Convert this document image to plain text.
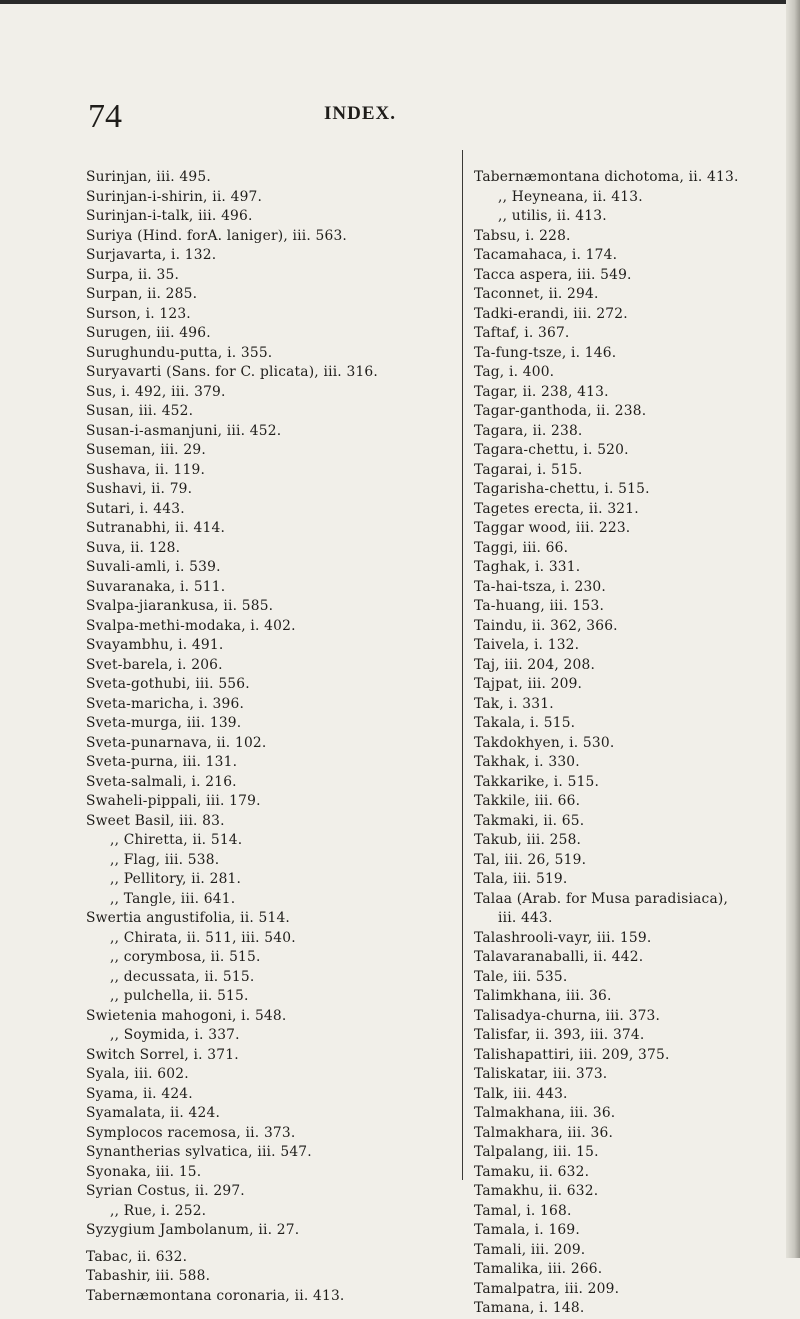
74	INDEX.
Surinjan, iii. 495.
Surinjan-i-shirin, ii. 497.
Surinjan-i-talk, iii. 496.
Suriya (Hind. forA. laniger), iii. 563.
Surjavarta, i. 132.
Surpa, ii. 35.
Surpan, ii. 285.
Surson, i. 123.
Surugen, iii. 496.
Surughundu-putta, i. 355.
Suryavarti (Sans. for C. plicata), iii. 316.
Sus, i. 492, iii. 379.
Susan, iii. 452.
Susan-i-asmanjuni, iii. 452.
Suseman, iii. 29.
Sushava, ii. 119.
Sushavi, ii. 79.
Sutari, i. 443.
Sutranabhi, ii. 414.
Suva, ii. 128.
Suvali-amli, i. 539.
Suvaranaka, i. 511.
Svalpa-jiarankusa, ii. 585.
Svalpa-methi-modaka, i. 402.
Svayambhu, i. 491.
Svet-barela, i. 206.
Sveta-gothubi, iii. 556.
Sveta-maricha, i. 396.
Sveta-murga, iii. 139.
Sveta-punarnava, ii. 102.
Sveta-purna, iii. 131.
Sveta-salmali, i. 216.
Swaheli-pippali, iii. 179.
Sweet Basil, iii. 83.
,, Chiretta, ii. 514.
,, Flag, iii. 538.
,, Pellitory, ii. 281.
,, Tangle, iii. 641.
Swertia angustifolia, ii. 514.
,, Chirata, ii. 511, iii. 540.
,, corymbosa, ii. 515.
,, decussata, ii. 515.
,, pulchella, ii. 515.
Swietenia mahogoni, i. 548.
,, Soymida, i. 337.
Switch Sorrel, i. 371.
Syala, iii. 602.
Syama, ii. 424.
Syamalata, ii. 424.
Symplocos racemosa, ii. 373.
Synantherias sylvatica, iii. 547.
Syonaka, iii. 15.
Syrian Costus, ii. 297.
,, Rue, i. 252.
Syzygium Jambolanum, ii. 27.
Tabac, ii. 632.
Tabashir, iii. 588.
Tabernæmontana coronaria, ii. 413.
Tabernæmontana dichotoma, ii. 413.
,, Heyneana, ii. 413.
,, utilis, ii. 413.
Tabsu, i. 228.
Tacamahaca, i. 174.
Tacca aspera, iii. 549.
Taconnet, ii. 294.
Tadki-erandi, iii. 272.
Taftaf, i. 367.
Ta-fung-tsze, i. 146.
Tag, i. 400.
Tagar, ii. 238, 413.
Tagar-ganthoda, ii. 238.
Tagara, ii. 238.
Tagara-chettu, i. 520.
Tagarai, i. 515.
Tagarisha-chettu, i. 515.
Tagetes erecta, ii. 321.
Taggar wood, iii. 223.
Taggi, iii. 66.
Taghak, i. 331.
Ta-hai-tsza, i. 230.
Ta-huang, iii. 153.
Taindu, ii. 362, 366.
Taivela, i. 132.
Taj, iii. 204, 208.
Tajpat, iii. 209.
Tak, i. 331.
Takala, i. 515.
Takdokhyen, i. 530.
Takhak, i. 330.
Takkarike, i. 515.
Takkile, iii. 66.
Takmaki, ii. 65.
Takub, iii. 258.
Tal, iii. 26, 519.
Tala, iii. 519.
Talaa (Arab. for Musa paradisiaca),
iii. 443.
Talashrooli-vayr, iii. 159.
Talavaranaballi, ii. 442.
Tale, iii. 535.
Talimkhana, iii. 36.
Talisadya-churna, iii. 373.
Talisfar, ii. 393, iii. 374.
Talishapattiri, iii. 209, 375.
Taliskatar, iii. 373.
Talk, iii. 443.
Talmakhana, iii. 36.
Talmakhara, iii. 36.
Talpalang, iii. 15.
Tamaku, ii. 632.
Tamakhu, ii. 632.
Tamal, i. 168.
Tamala, i. 169.
Tamali, iii. 209.
Tamalika, iii. 266.
Tamalpatra, iii. 209.
Tamana, i. 148.
